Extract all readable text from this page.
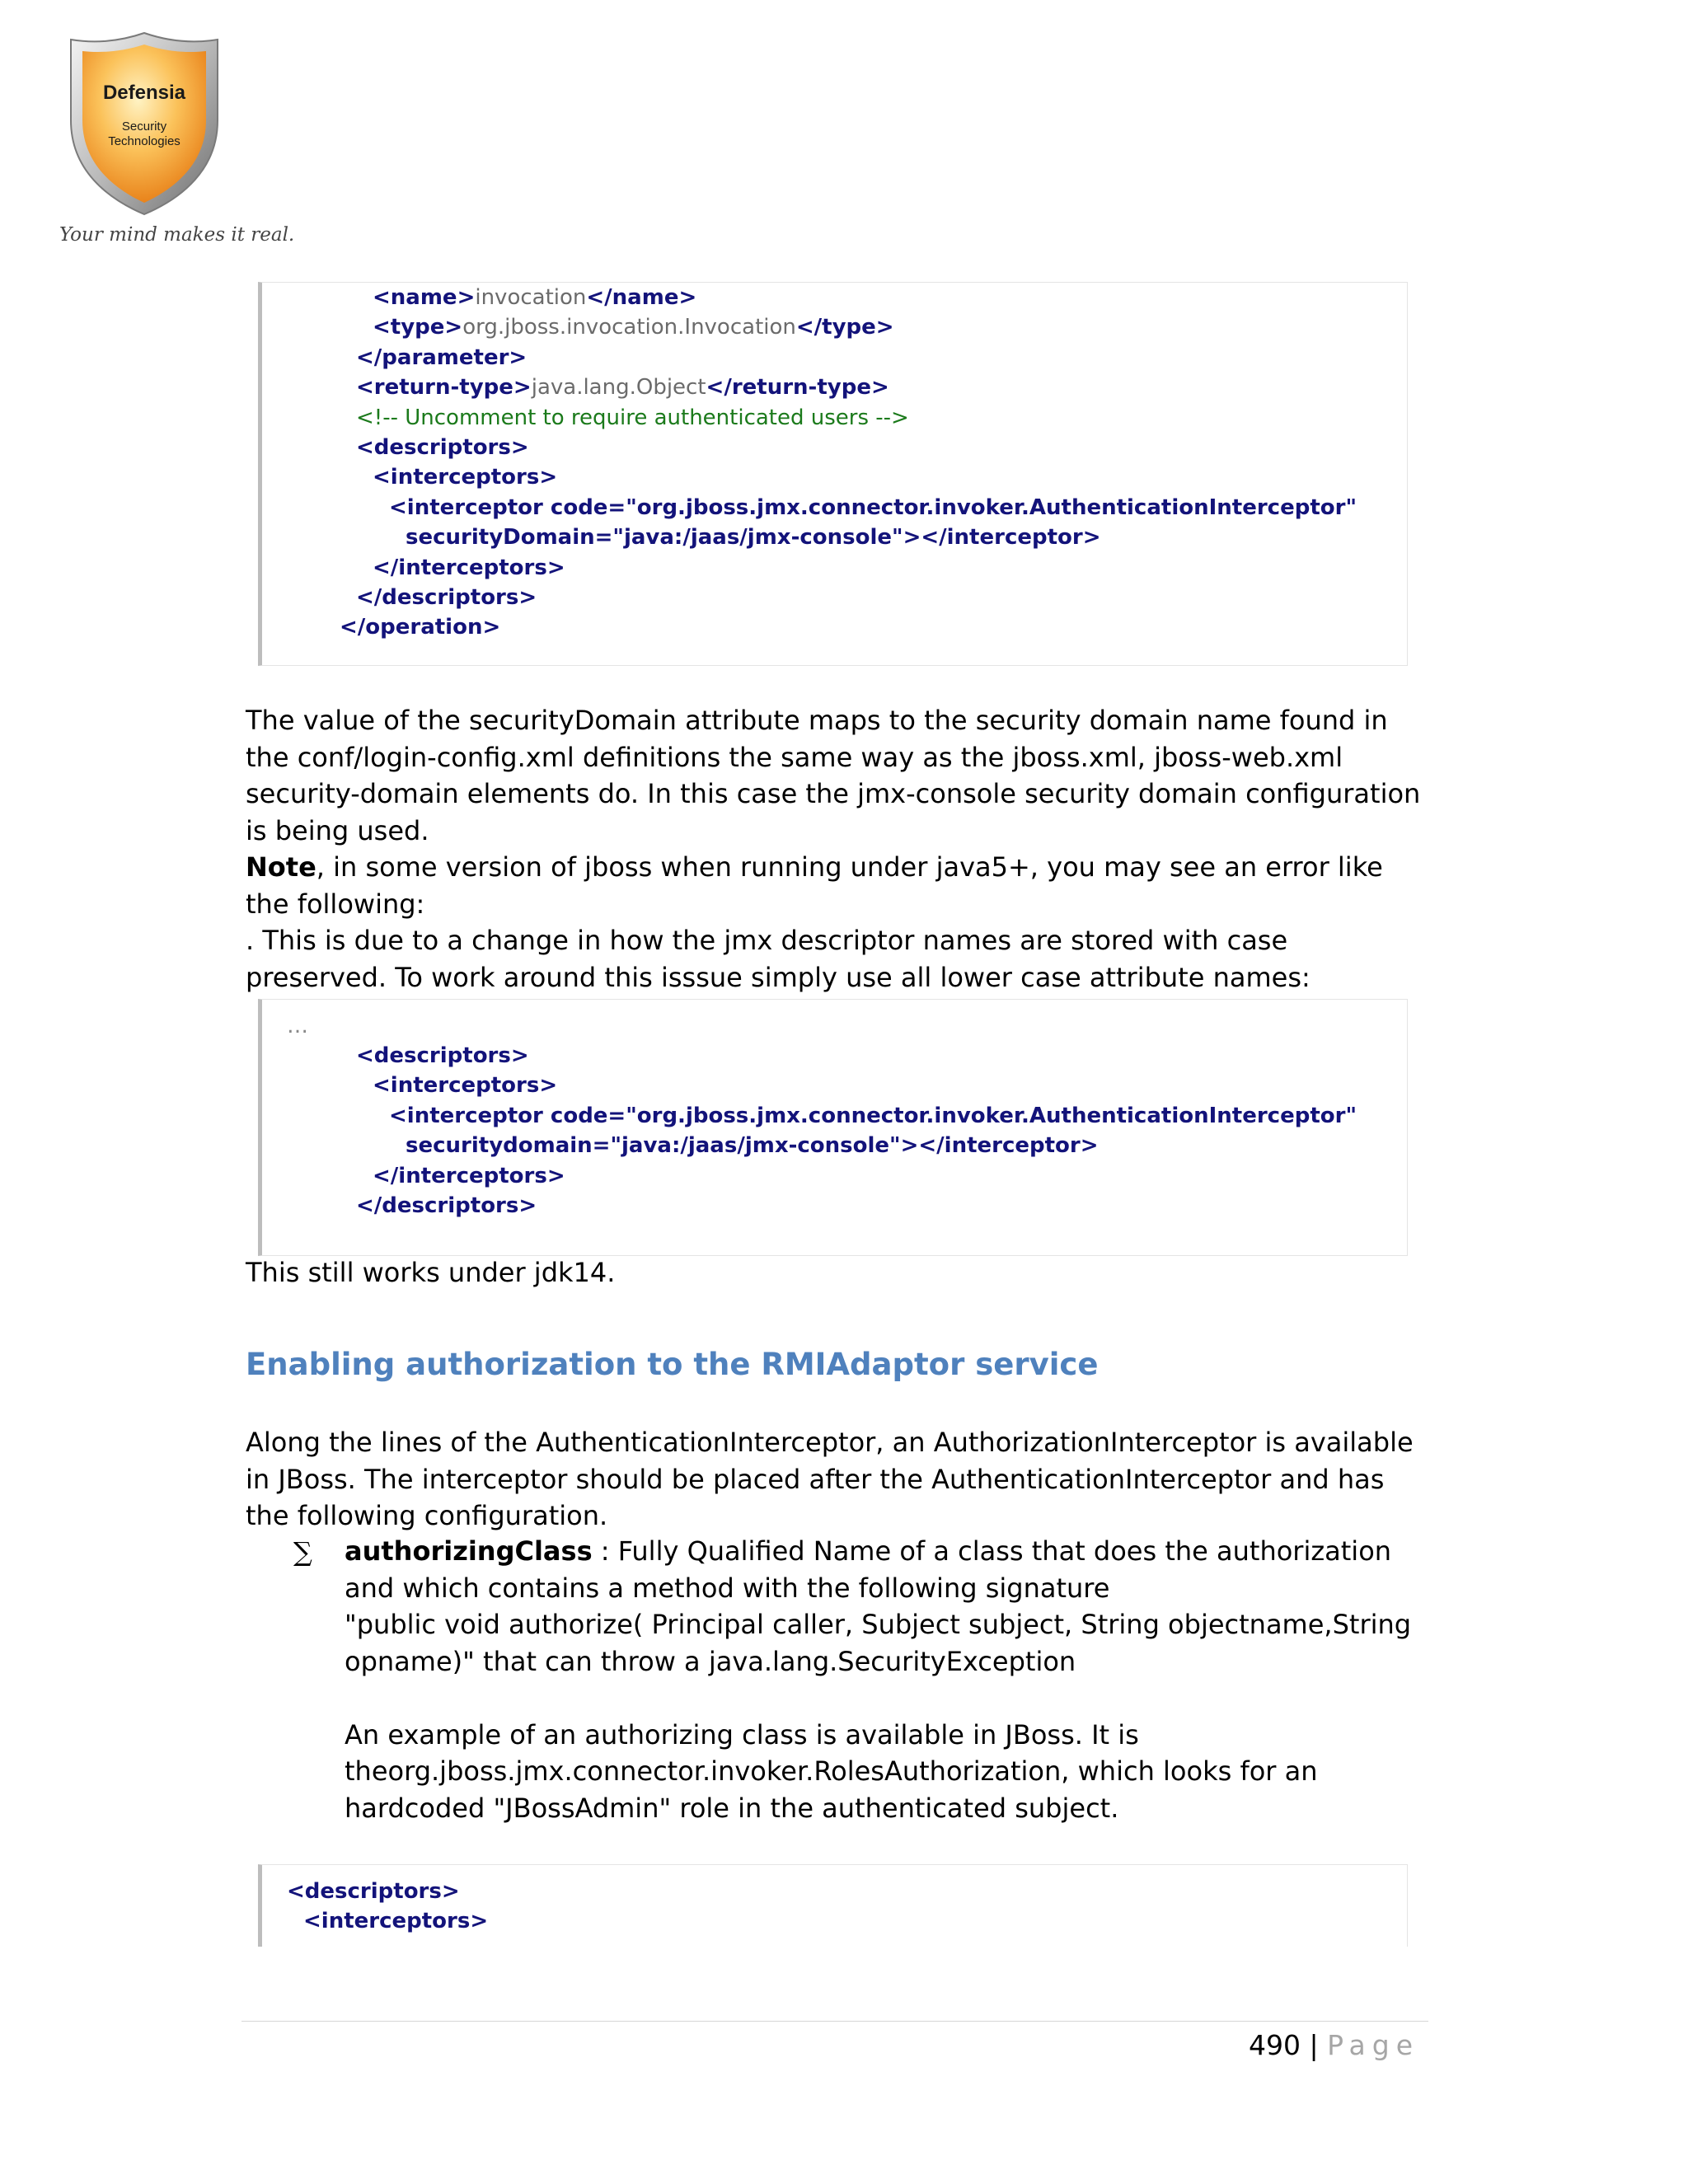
Defensia
Security
Technologies
Your mind makes it real.
<name>invocation</name>
<type>org.jboss.invocation.Invocation</type>
</parameter>
<return-type>java.lang.Object</return-type>
<!-- Uncomment to require authenticated users -->
<descriptors>
<interceptors>
<interceptor code="org.jboss.jmx.connector.invoker.AuthenticationInterceptor"
securityDomain="java:/jaas/jmx-console"></interceptor>
</interceptors>
</descriptors>
</operation>
The value of the securityDomain attribute maps to the security domain name found in the conf/login-config.xml definitions the same way as the jboss.xml, jboss-web.xml security-domain elements do. In this case the jmx-console security domain configuration is being used.
Note, in some version of jboss when running under java5+, you may see an error like the following:
. This is due to a change in how the jmx descriptor names are stored with case preserved. To work around this isssue simply use all lower case attribute names:
…
<descriptors>
<interceptors>
<interceptor code="org.jboss.jmx.connector.invoker.AuthenticationInterceptor"
securitydomain="java:/jaas/jmx-console"></interceptor>
</interceptors>
</descriptors>
This still works under jdk14.
Enabling authorization to the RMIAdaptor service
Along the lines of the AuthenticationInterceptor, an AuthorizationInterceptor is available in JBoss. The interceptor should be placed after the AuthenticationInterceptor and has the following configuration.
∑ authorizingClass : Fully Qualified Name of a class that does the authorization and which contains a method with the following signature
"public void authorize( Principal caller, Subject subject, String objectname,String
opname)" that can throw a java.lang.SecurityException

An example of an authorizing class is available in JBoss. It is theorg.jboss.jmx.connector.invoker.RolesAuthorization, which looks for an hardcoded "JBossAdmin" role in the authenticated subject.
<descriptors>
<interceptors>
490 | Page
